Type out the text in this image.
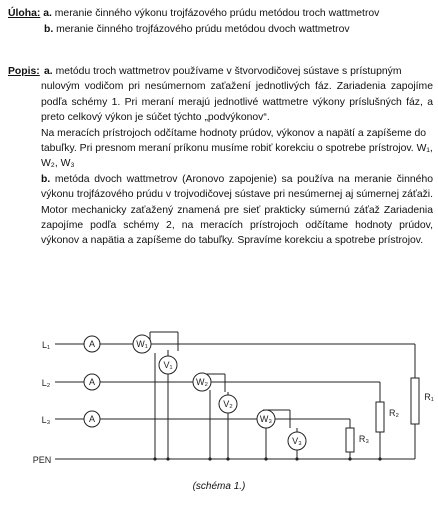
Úloha: a. meranie činného výkonu trojfázového prúdu metódou troch wattmetrov
b. meranie činného trojfázového prúdu metódou dvoch wattmetrov
Popis: a. metódu troch wattmetrov používame v štvorvodičovej sústave s prístupným

nulovým vodičom pri nesúmernom zaťažení jednotlivých fáz. Zariadenia zapojíme podľa schémy 1. Pri meraní merajú jednotlivé wattmetre výkony príslušných fáz, a preto celkový výkon je súčet týchto „podvýkonov“.

Na meracích prístrojoch odčítame hodnoty prúdov, výkonov a napätí a zapíšeme do tabuľky. Pri presnom meraní príkonu musíme robiť korekciu o spotrebe prístrojov. W₁, W₂, W₃

b. metóda dvoch wattmetrov (Aronovo zapojenie) sa používa na meranie činného výkonu trojfázového prúdu v trojvodičovej sústave pri nesúmernej aj súmernej záťaži. Motor mechanicky zaťažený znamená pre sieť prakticky súmernú záťaž Zariadenia zapojíme podľa schémy 2, na meracích prístrojoch odčítame hodnoty prúdov, výkonov a napätia a zapíšeme do tabuľky. Spravíme korekciu a spotrebe prístrojov.

L₁
L₂
L₃
PEN
A
A
A
W₁
W₂
W₃
V₁
V₂
V₃
R₁
R₂
R₃
(schéma 1.)
